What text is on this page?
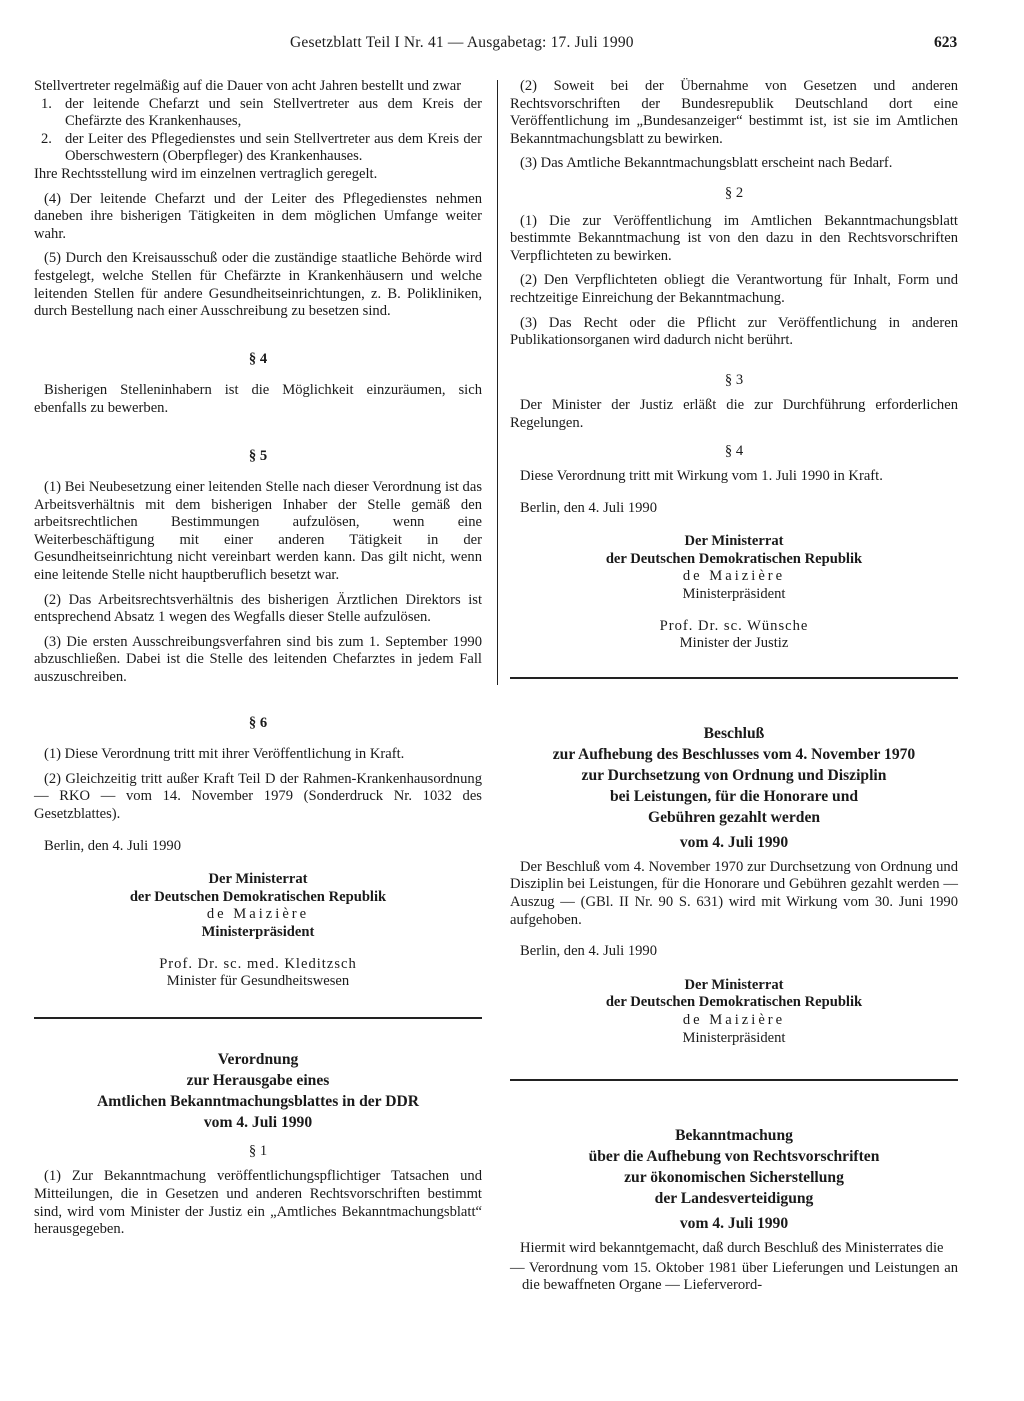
Gesetzblatt Teil I Nr. 41 — Ausgabetag: 17. Juli 1990	623

Stellvertreter regelmäßig auf die Dauer von acht Jahren bestellt und zwar

1. der leitende Chefarzt und sein Stellvertreter aus dem Kreis der Chefärzte des Krankenhauses,
2. der Leiter des Pflegedienstes und sein Stellvertreter aus dem Kreis der Oberschwestern (Oberpfleger) des Krankenhauses.

Ihre Rechtsstellung wird im einzelnen vertraglich geregelt.

(4) Der leitende Chefarzt und der Leiter des Pflegedienstes nehmen daneben ihre bisherigen Tätigkeiten in dem möglichen Umfange weiter wahr.

(5) Durch den Kreisausschuß oder die zuständige staatliche Behörde wird festgelegt, welche Stellen für Chefärzte in Krankenhäusern und welche leitenden Stellen für andere Gesundheitseinrichtungen, z. B. Polikliniken, durch Bestellung nach einer Ausschreibung zu besetzen sind.

§ 4

Bisherigen Stelleninhabern ist die Möglichkeit einzuräumen, sich ebenfalls zu bewerben.

§ 5

(1) Bei Neubesetzung einer leitenden Stelle nach dieser Verordnung ist das Arbeitsverhältnis mit dem bisherigen Inhaber der Stelle gemäß den arbeitsrechtlichen Bestimmungen aufzulösen, wenn eine Weiterbeschäftigung mit einer anderen Tätigkeit in der Gesundheitseinrichtung nicht vereinbart werden kann. Das gilt nicht, wenn eine leitende Stelle nicht hauptberuflich besetzt war.

(2) Das Arbeitsrechtsverhältnis des bisherigen Ärztlichen Direktors ist entsprechend Absatz 1 wegen des Wegfalls dieser Stelle aufzulösen.

(3) Die ersten Ausschreibungsverfahren sind bis zum 1. September 1990 abzuschließen. Dabei ist die Stelle des leitenden Chefarztes in jedem Fall auszuschreiben.

§ 6

(1) Diese Verordnung tritt mit ihrer Veröffentlichung in Kraft.

(2) Gleichzeitig tritt außer Kraft Teil D der Rahmen-Krankenhausordnung — RKO — vom 14. November 1979 (Sonderdruck Nr. 1032 des Gesetzblattes).

Berlin, den 4. Juli 1990
Der Ministerrat
der Deutschen Demokratischen Republik
de Maizière
Ministerpräsident
Prof. Dr. sc. med. Kleditzsch
Minister für Gesundheitswesen
Verordnung
zur Herausgabe eines
Amtlichen Bekanntmachungsblattes in der DDR
vom 4. Juli 1990
§ 1

(1) Zur Bekanntmachung veröffentlichungspflichtiger Tatsachen und Mitteilungen, die in Gesetzen und anderen Rechtsvorschriften bestimmt sind, wird vom Minister der Justiz ein „Amtliches Bekanntmachungsblatt“ herausgegeben.

(2) Soweit bei der Übernahme von Gesetzen und anderen Rechtsvorschriften der Bundesrepublik Deutschland dort eine Veröffentlichung im „Bundesanzeiger“ bestimmt ist, ist sie im Amtlichen Bekanntmachungsblatt zu bewirken.

(3) Das Amtliche Bekanntmachungsblatt erscheint nach Bedarf.

§ 2

(1) Die zur Veröffentlichung im Amtlichen Bekanntmachungsblatt bestimmte Bekanntmachung ist von den dazu in den Rechtsvorschriften Verpflichteten zu bewirken.

(2) Den Verpflichteten obliegt die Verantwortung für Inhalt, Form und rechtzeitige Einreichung der Bekanntmachung.

(3) Das Recht oder die Pflicht zur Veröffentlichung in anderen Publikationsorganen wird dadurch nicht berührt.

§ 3

Der Minister der Justiz erläßt die zur Durchführung erforderlichen Regelungen.

§ 4

Diese Verordnung tritt mit Wirkung vom 1. Juli 1990 in Kraft.

Berlin, den 4. Juli 1990
Der Ministerrat
der Deutschen Demokratischen Republik
de Maizière
Ministerpräsident
Prof. Dr. sc. Wünsche
Minister der Justiz
Beschluß
zur Aufhebung des Beschlusses vom 4. November 1970
zur Durchsetzung von Ordnung und Disziplin
bei Leistungen, für die Honorare und
Gebühren gezahlt werden
vom 4. Juli 1990

Der Beschluß vom 4. November 1970 zur Durchsetzung von Ordnung und Disziplin bei Leistungen, für die Honorare und Gebühren gezahlt werden — Auszug — (GBl. II Nr. 90 S. 631) wird mit Wirkung vom 30. Juni 1990 aufgehoben.

Berlin, den 4. Juli 1990
Der Ministerrat
der Deutschen Demokratischen Republik
de Maizière
Ministerpräsident
Bekanntmachung
über die Aufhebung von Rechtsvorschriften
zur ökonomischen Sicherstellung
der Landesverteidigung
vom 4. Juli 1990

Hiermit wird bekanntgemacht, daß durch Beschluß des Ministerrates die

— Verordnung vom 15. Oktober 1981 über Lieferungen und Leistungen an die bewaffneten Organe — Lieferverord-
